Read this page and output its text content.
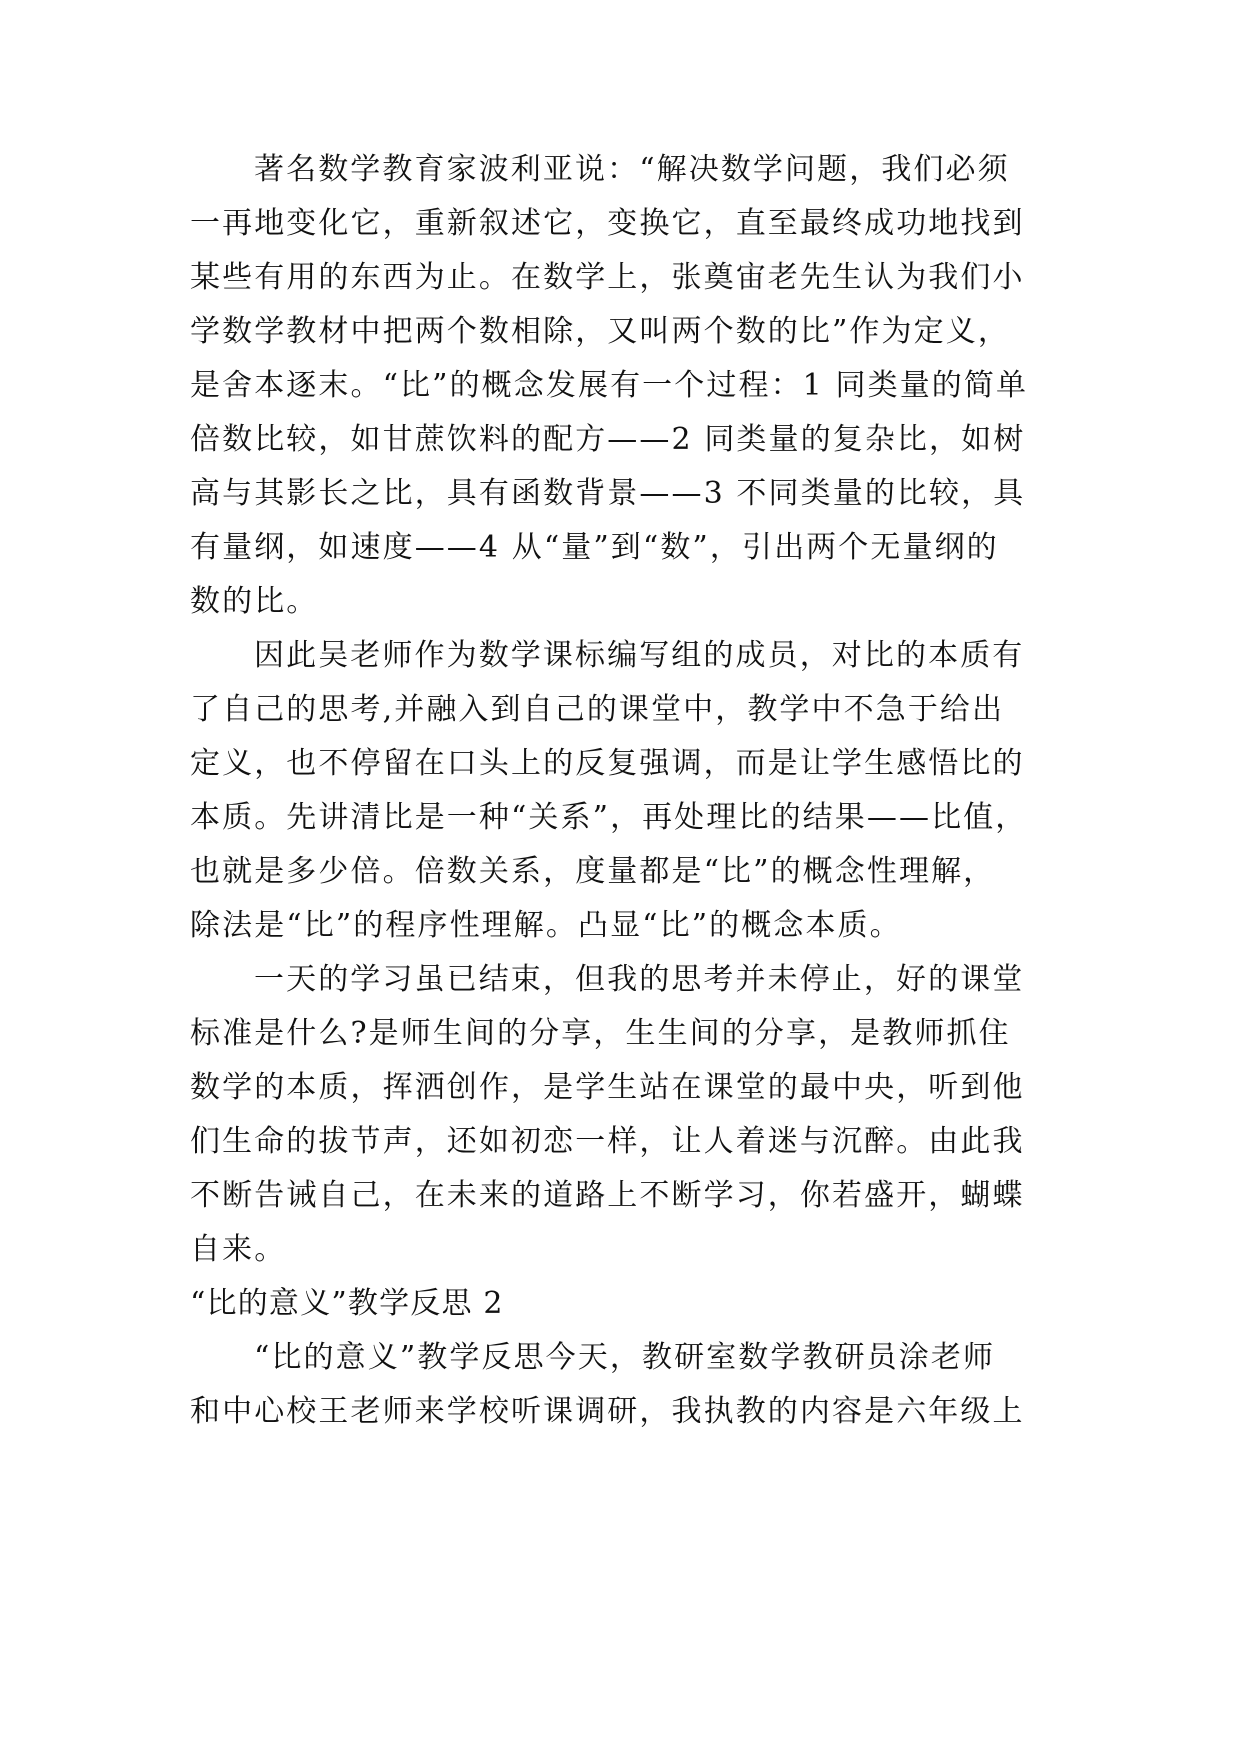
著名数学教育家波利亚说：“解决数学问题，我们必须
一再地变化它，重新叙述它，变换它，直至最终成功地找到
某些有用的东西为止。在数学上，张奠宙老先生认为我们小
学数学教材中把两个数相除，又叫两个数的比”作为定义，
是舍本逐末。“比”的概念发展有一个过程：1 同类量的简单
倍数比较，如甘蔗饮料的配方——2 同类量的复杂比，如树
高与其影长之比，具有函数背景——3 不同类量的比较，具
有量纲，如速度——4 从“量”到“数”，引出两个无量纲的
数的比。
因此吴老师作为数学课标编写组的成员，对比的本质有
了自己的思考,并融入到自己的课堂中，教学中不急于给出
定义，也不停留在口头上的反复强调，而是让学生感悟比的
本质。先讲清比是一种“关系”，再处理比的结果——比值，
也就是多少倍。倍数关系，度量都是“比”的概念性理解，
除法是“比”的程序性理解。凸显“比”的概念本质。
一天的学习虽已结束，但我的思考并未停止，好的课堂
标准是什么?是师生间的分享，生生间的分享，是教师抓住
数学的本质，挥洒创作，是学生站在课堂的最中央，听到他
们生命的拔节声，还如初恋一样，让人着迷与沉醉。由此我
不断告诫自己，在未来的道路上不断学习，你若盛开，蝴蝶
自来。
“比的意义”教学反思 2
“比的意义”教学反思今天，教研室数学教研员涂老师
和中心校王老师来学校听课调研，我执教的内容是六年级上
